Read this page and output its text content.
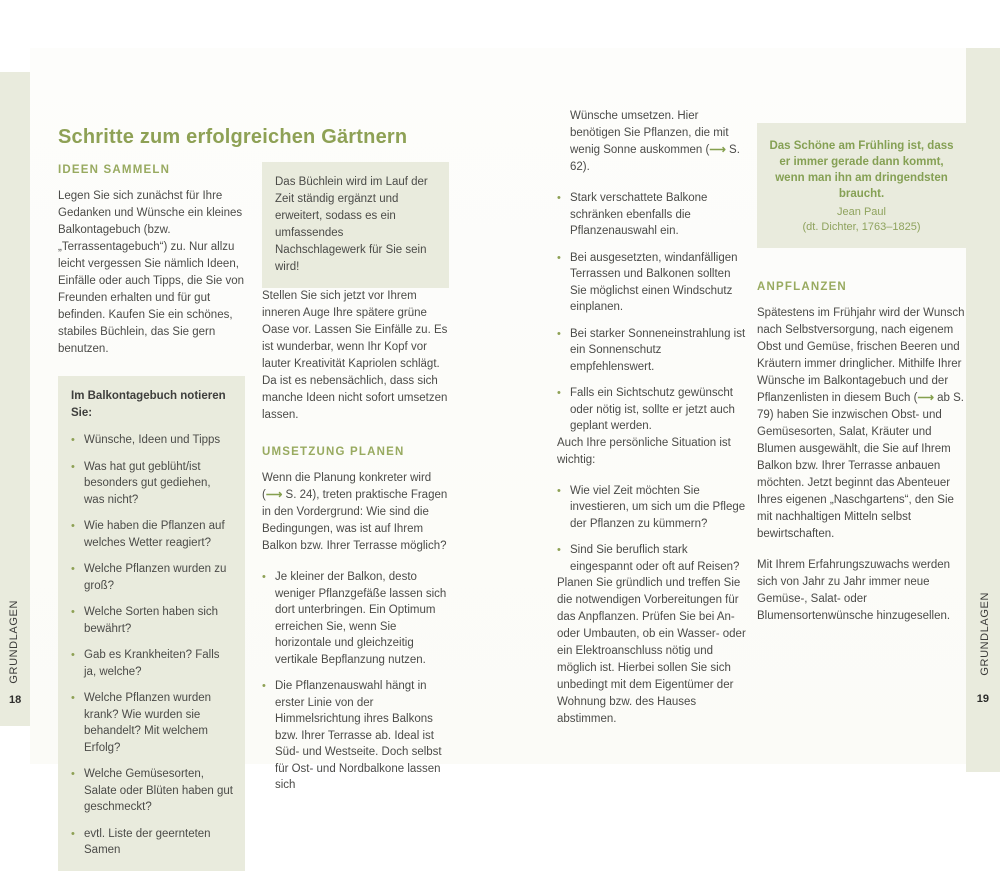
GRUNDLAGEN	GRUNDLAGEN
18	19
Schritte zum erfolgreichen Gärtnern
IDEEN SAMMELN

Legen Sie sich zunächst für Ihre Gedanken und Wünsche ein kleines Balkontagebuch (bzw. „Terrassentagebuch“) zu. Nur allzu leicht vergessen Sie nämlich Ideen, Einfälle oder auch Tipps, die Sie von Freunden erhalten und für gut befinden. Kaufen Sie ein schönes, stabiles Büchlein, das Sie gern benutzen.

Im Balkontagebuch notieren Sie:

• Wünsche, Ideen und Tipps
• Was hat gut geblüht/ist besonders gut gediehen, was nicht?
• Wie haben die Pflanzen auf welches Wetter reagiert?
• Welche Pflanzen wurden zu groß?
• Welche Sorten haben sich bewährt?
• Gab es Krankheiten? Falls ja, welche?
• Welche Pflanzen wurden krank? Wie wurden sie behandelt? Mit welchem Erfolg?
• Welche Gemüsesorten, Salate oder Blüten haben gut geschmeckt?
• evtl. Liste der geernteten Samen
Das Büchlein wird im Lauf der Zeit ständig ergänzt und erweitert, sodass es ein umfassendes Nachschlagewerk für Sie sein wird!

Stellen Sie sich jetzt vor Ihrem inneren Auge Ihre spätere grüne Oase vor. Lassen Sie Einfälle zu. Es ist wunderbar, wenn Ihr Kopf vor lauter Kreativität Kapriolen schlägt. Da ist es nebensächlich, dass sich manche Ideen nicht sofort umsetzen lassen.

UMSETZUNG PLANEN

Wenn die Planung konkreter wird (⟶ S. 24), treten praktische Fragen in den Vordergrund: Wie sind die Bedingungen, was ist auf Ihrem Balkon bzw. Ihrer Terrasse möglich?

• Je kleiner der Balkon, desto weniger Pflanzgefäße lassen sich dort unterbringen. Ein Optimum erreichen Sie, wenn Sie horizontale und gleichzeitig vertikale Bepflanzung nutzen.
• Die Pflanzenauswahl hängt in erster Linie von der Himmelsrichtung ihres Balkons bzw. Ihrer Terrasse ab. Ideal ist Süd- und Westseite. Doch selbst für Ost- und Nordbalkone lassen sich

Wünsche umsetzen. Hier benötigen Sie Pflanzen, die mit wenig Sonne auskommen (⟶ S. 62).

• Stark verschattete Balkone schränken ebenfalls die Pflanzenauswahl ein.
• Bei ausgesetzten, windanfälligen Terrassen und Balkonen sollten Sie möglichst einen Windschutz einplanen.
• Bei starker Sonneneinstrahlung ist ein Sonnenschutz empfehlenswert.
• Falls ein Sichtschutz gewünscht oder nötig ist, sollte er jetzt auch geplant werden.

Auch Ihre persönliche Situation ist wichtig:

• Wie viel Zeit möchten Sie investieren, um sich um die Pflege der Pflanzen zu kümmern?
• Sind Sie beruflich stark eingespannt oder oft auf Reisen?

Planen Sie gründlich und treffen Sie die notwendigen Vorbereitungen für das Anpflanzen. Prüfen Sie bei An- oder Umbauten, ob ein Wasser- oder ein Elektroanschluss nötig und möglich ist. Hierbei sollen Sie sich unbedingt mit dem Eigentümer der Wohnung bzw. des Hauses abstimmen.

Das Schöne am Frühling ist, dass er immer gerade dann kommt, wenn man ihn am dringendsten braucht.

Jean Paul

(dt. Dichter, 1763–1825)

ANPFLANZEN

Spätestens im Frühjahr wird der Wunsch nach Selbstversorgung, nach eigenem Obst und Gemüse, frischen Beeren und Kräutern immer dringlicher. Mithilfe Ihrer Wünsche im Balkontagebuch und der Pflanzenlisten in diesem Buch (⟶ ab S. 79) haben Sie inzwischen Obst- und Gemüsesorten, Salat, Kräuter und Blumen ausgewählt, die Sie auf Ihrem Balkon bzw. Ihrer Terrasse anbauen möchten. Jetzt beginnt das Abenteuer Ihres eigenen „Naschgartens“, den Sie mit nachhaltigen Mitteln selbst bewirtschaften.

Mit Ihrem Erfahrungszuwachs werden sich von Jahr zu Jahr immer neue Gemüse-, Salat- oder Blumensortenwünsche hinzugesellen.
